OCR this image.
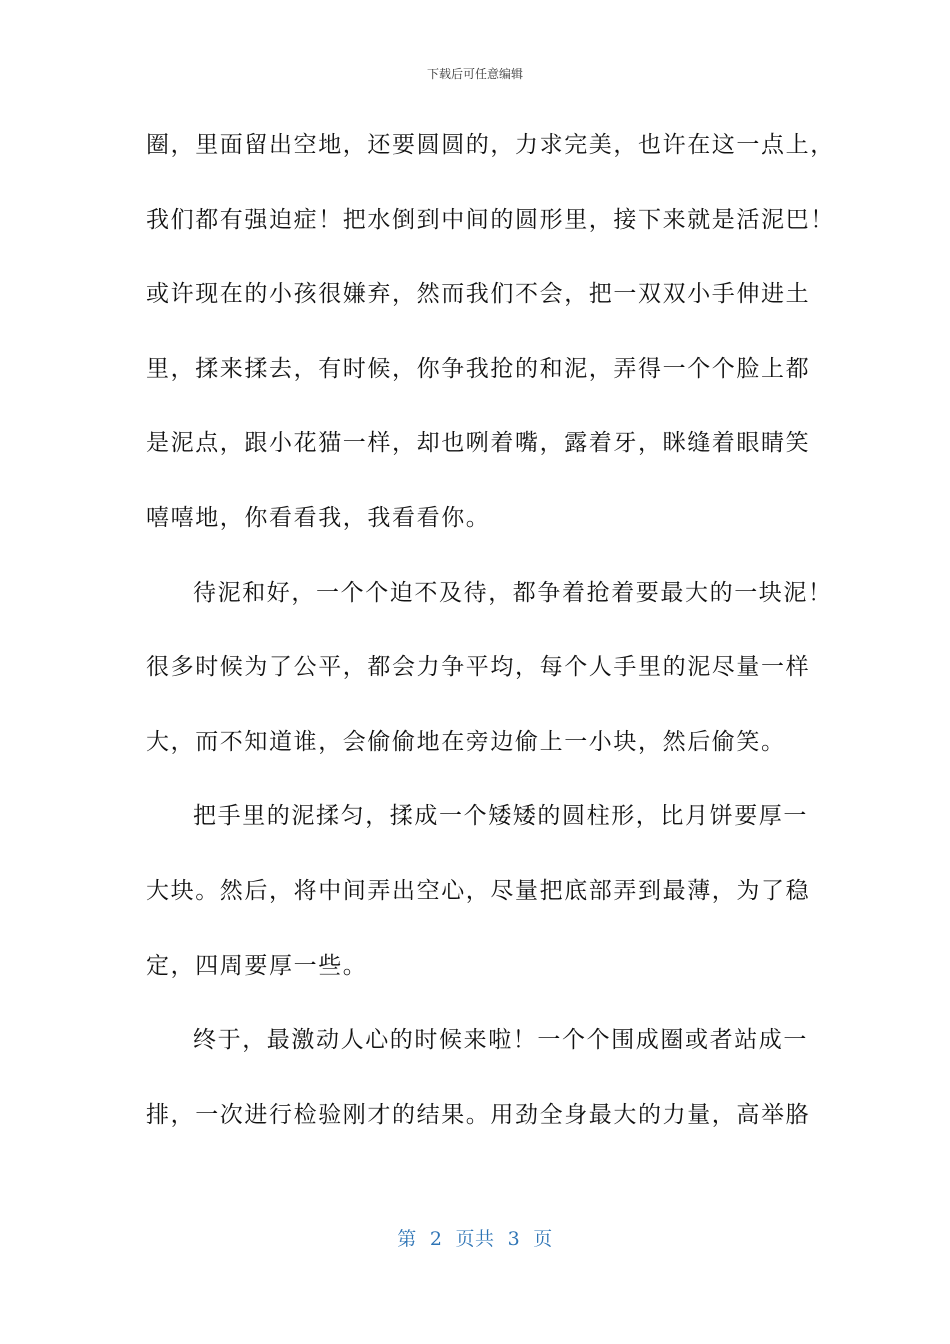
下载后可任意编辑
圈，里面留出空地，还要圆圆的，力求完美，也许在这一点上，
我们都有强迫症！把水倒到中间的圆形里，接下来就是活泥巴！
或许现在的小孩很嫌弃，然而我们不会，把一双双小手伸进土
里，揉来揉去，有时候，你争我抢的和泥，弄得一个个脸上都
是泥点，跟小花猫一样，却也咧着嘴，露着牙，眯缝着眼睛笑
嘻嘻地，你看看我，我看看你。
待泥和好，一个个迫不及待，都争着抢着要最大的一块泥！
很多时候为了公平，都会力争平均，每个人手里的泥尽量一样
大，而不知道谁，会偷偷地在旁边偷上一小块，然后偷笑。
把手里的泥揉匀，揉成一个矮矮的圆柱形，比月饼要厚一
大块。然后，将中间弄出空心，尽量把底部弄到最薄，为了稳
定，四周要厚一些。
终于，最激动人心的时候来啦！一个个围成圈或者站成一
排，一次进行检验刚才的结果。用劲全身最大的力量，高举胳
第  2  页共  3  页
